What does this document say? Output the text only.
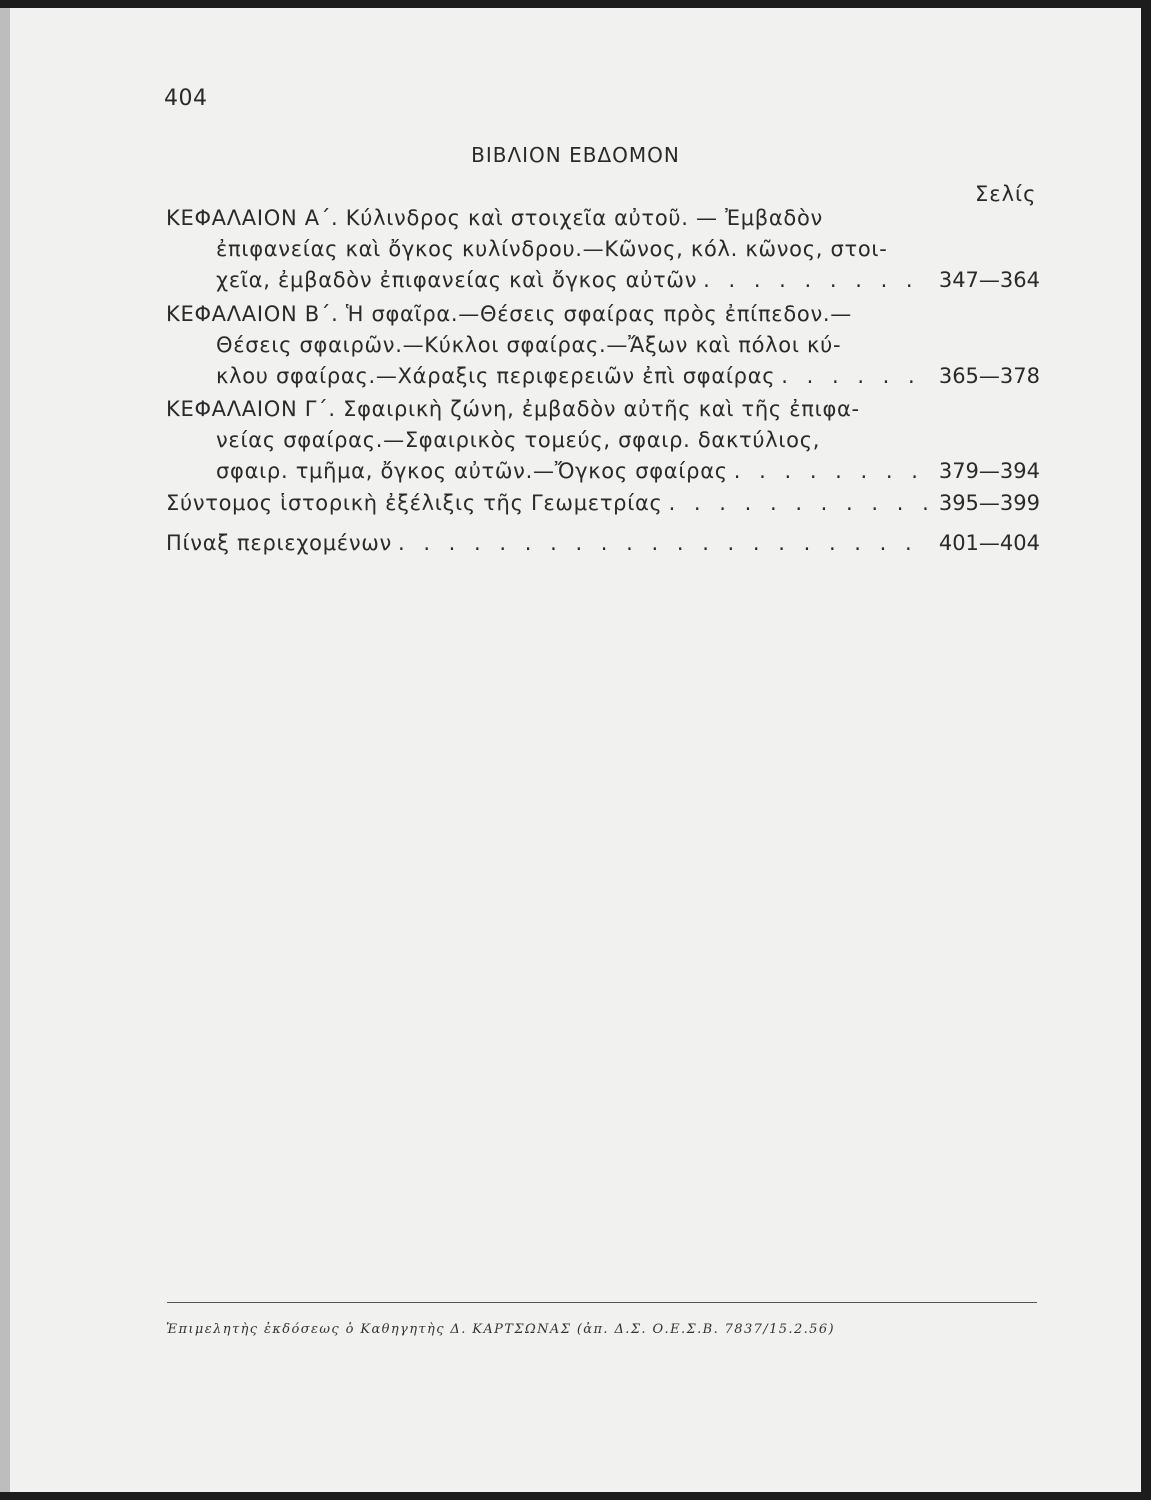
404
ΒΙΒΛΙΟΝ ΕΒΔΟΜΟΝ
Σελίς
ΚΕΦΑΛΑΙΟΝ Α΄. Κύλινδρος καὶ στοιχεῖα αὐτοῦ. — Ἐμβαδὸν
ἐπιφανείας καὶ ὄγκος κυλίνδρου.—Κῶνος, κόλ. κῶνος, στοι-
χεῖα, ἐμβαδὸν ἐπιφανείας καὶ ὄγκος αὐτῶν . . .	347—364
ΚΕΦΑΛΑΙΟΝ Β΄. Ἡ σφαῖρα.—Θέσεις σφαίρας πρὸς ἐπίπεδον.—
Θέσεις σφαιρῶν.—Κύκλοι σφαίρας.—Ἄξων καὶ πόλοι κύ-
κλου σφαίρας.—Χάραξις περιφερειῶν ἐπὶ σφαίρας . . .	365—378
ΚΕΦΑΛΑΙΟΝ Γ΄. Σφαιρικὴ ζώνη, ἐμβαδὸν αὐτῆς καὶ τῆς ἐπιφα-
νείας σφαίρας.—Σφαιρικὸς τομεύς, σφαιρ. δακτύλιος,
σφαιρ. τμῆμα, ὄγκος αὐτῶν.—Ὄγκος σφαίρας . . .	379—394
Σύντομος ἱστορικὴ ἐξέλιξις τῆς Γεωμετρίας . . .	395—399
Πίναξ περιεχομένων . . .	401—404
Ἐπιμελητὴς ἐκδόσεως ὁ Καθηγητὴς Δ. ΚΑΡΤΣΩΝΑΣ (ἀπ. Δ.Σ. Ο.Ε.Σ.Β. 7837/15.2.56)
